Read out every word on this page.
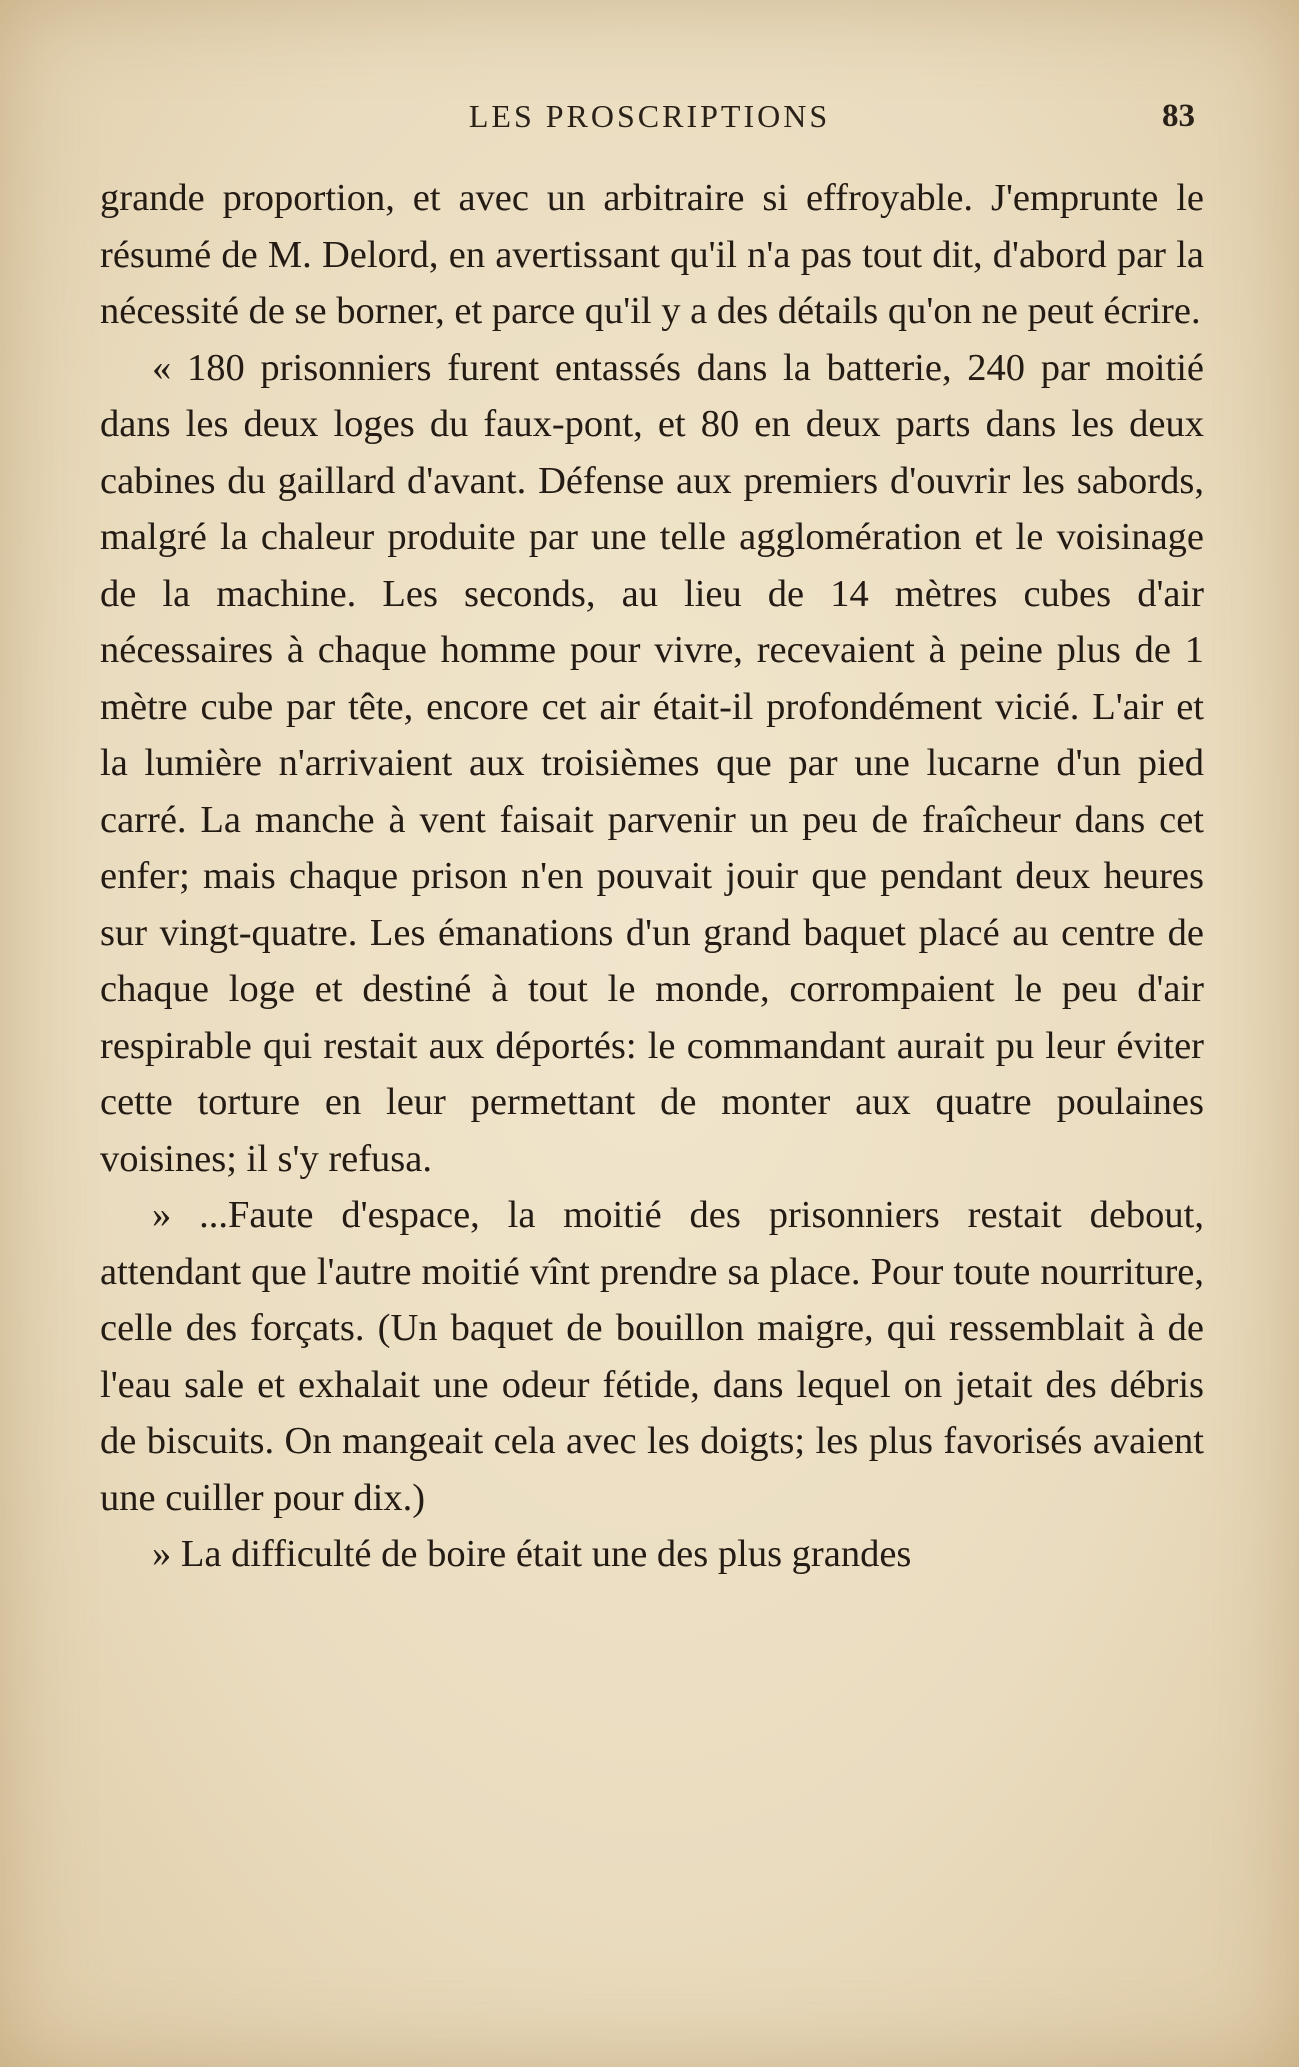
LES PROSCRIPTIONS	83

grande proportion, et avec un arbitraire si effroyable. J'emprunte le résumé de M. Delord, en avertissant qu'il n'a pas tout dit, d'abord par la nécessité de se borner, et parce qu'il y a des détails qu'on ne peut écrire.

« 180 prisonniers furent entassés dans la batterie, 240 par moitié dans les deux loges du faux-pont, et 80 en deux parts dans les deux cabines du gaillard d'avant. Défense aux premiers d'ouvrir les sabords, malgré la chaleur produite par une telle agglomération et le voisinage de la machine. Les seconds, au lieu de 14 mètres cubes d'air nécessaires à chaque homme pour vivre, recevaient à peine plus de 1 mètre cube par tête, encore cet air était-il profondément vicié. L'air et la lumière n'arrivaient aux troisièmes que par une lucarne d'un pied carré. La manche à vent faisait parvenir un peu de fraîcheur dans cet enfer; mais chaque prison n'en pouvait jouir que pendant deux heures sur vingt-quatre. Les émanations d'un grand baquet placé au centre de chaque loge et destiné à tout le monde, corrompaient le peu d'air respirable qui restait aux déportés: le commandant aurait pu leur éviter cette torture en leur permettant de monter aux quatre poulaines voisines; il s'y refusa.

» ...Faute d'espace, la moitié des prisonniers restait debout, attendant que l'autre moitié vînt prendre sa place. Pour toute nourriture, celle des forçats. (Un baquet de bouillon maigre, qui ressemblait à de l'eau sale et exhalait une odeur fétide, dans lequel on jetait des débris de biscuits. On mangeait cela avec les doigts; les plus favorisés avaient une cuiller pour dix.)

» La difficulté de boire était une des plus grandes
